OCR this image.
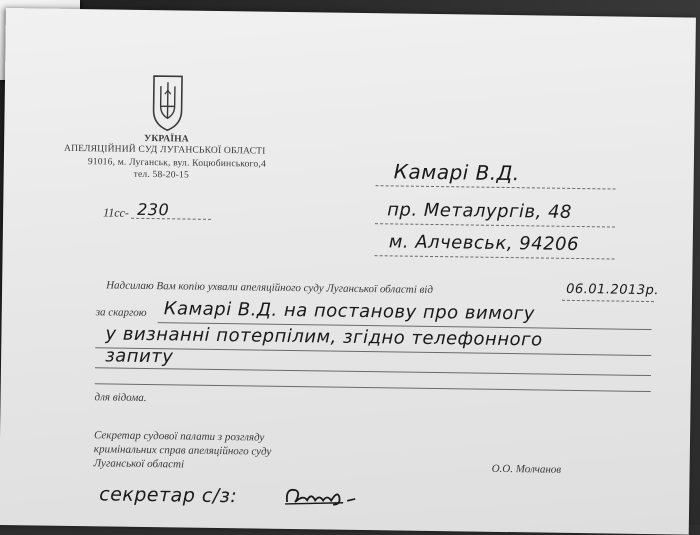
УКРАЇНА
АПЕЛЯЦІЙНИЙ СУД ЛУГАНСЬКОЇ ОБЛАСТІ
91016, м. Луганськ, вул. Коцюбинського,4
тел. 58-20-15
11сс- 230
Камарі В.Д.
пр. Металургів, 48
м. Алчевськ, 94206
Надсилаю Вам копію ухвали апеляційного суду Луганської області від	06.01.2013р.
за скаргою Камарі В.Д. на постанову про вимогу
у визнанні потерпілим, згідно телефонного
запиту
для відома.
Секретар судової палати з розгляду
кримінальних справ апеляційного суду
Луганської області	О.О. Молчанов
секретар с/з:
